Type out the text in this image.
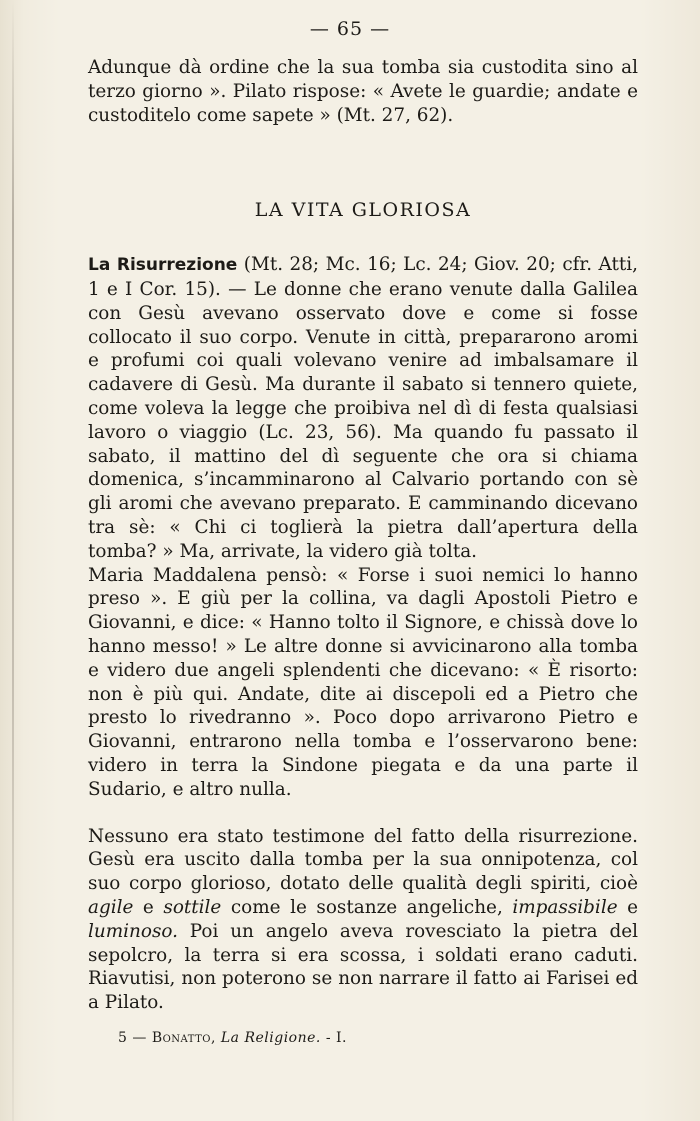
— 65 —

Adunque dà ordine che la sua tomba sia custodita sino al terzo giorno ». Pilato rispose: « Avete le guardie; andate e custoditelo come sapete » (Mt. 27, 62).

LA VITA GLORIOSA

La Risurrezione (Mt. 28; Mc. 16; Lc. 24; Giov. 20; cfr. Atti, 1 e I Cor. 15). — Le donne che erano venute dalla Galilea con Gesù avevano osservato dove e come si fosse collocato il suo corpo. Venute in città, prepararono aromi e profumi coi quali volevano venire ad imbalsamare il cadavere di Gesù. Ma durante il sabato si tennero quiete, come voleva la legge che proibiva nel dì di festa qualsiasi lavoro o viaggio (Lc. 23, 56). Ma quando fu passato il sabato, il mattino del dì seguente che ora si chiama domenica, s’incamminarono al Calvario portando con sè gli aromi che avevano preparato. E camminando dicevano tra sè: « Chi ci toglierà la pietra dall’apertura della tomba? » Ma, arrivate, la videro già tolta.

Maria Maddalena pensò: « Forse i suoi nemici lo hanno preso ». E giù per la collina, va dagli Apostoli Pietro e Giovanni, e dice: « Hanno tolto il Signore, e chissà dove lo hanno messo! » Le altre donne si avvicinarono alla tomba e videro due angeli splendenti che dicevano: « È risorto: non è più qui. Andate, dite ai discepoli ed a Pietro che presto lo rivedranno ». Poco dopo arrivarono Pietro e Giovanni, entrarono nella tomba e l’osservarono bene: videro in terra la Sindone piegata e da una parte il Sudario, e altro nulla.

Nessuno era stato testimone del fatto della risurrezione. Gesù era uscito dalla tomba per la sua onnipotenza, col suo corpo glorioso, dotato delle qualità degli spiriti, cioè agile e sottile come le sostanze angeliche, impassibile e luminoso. Poi un angelo aveva rovesciato la pietra del sepolcro, la terra si era scossa, i soldati erano caduti. Riavutisi, non poterono se non narrare il fatto ai Farisei ed a Pilato.

5 — Bonatto, La Religione. - I.
